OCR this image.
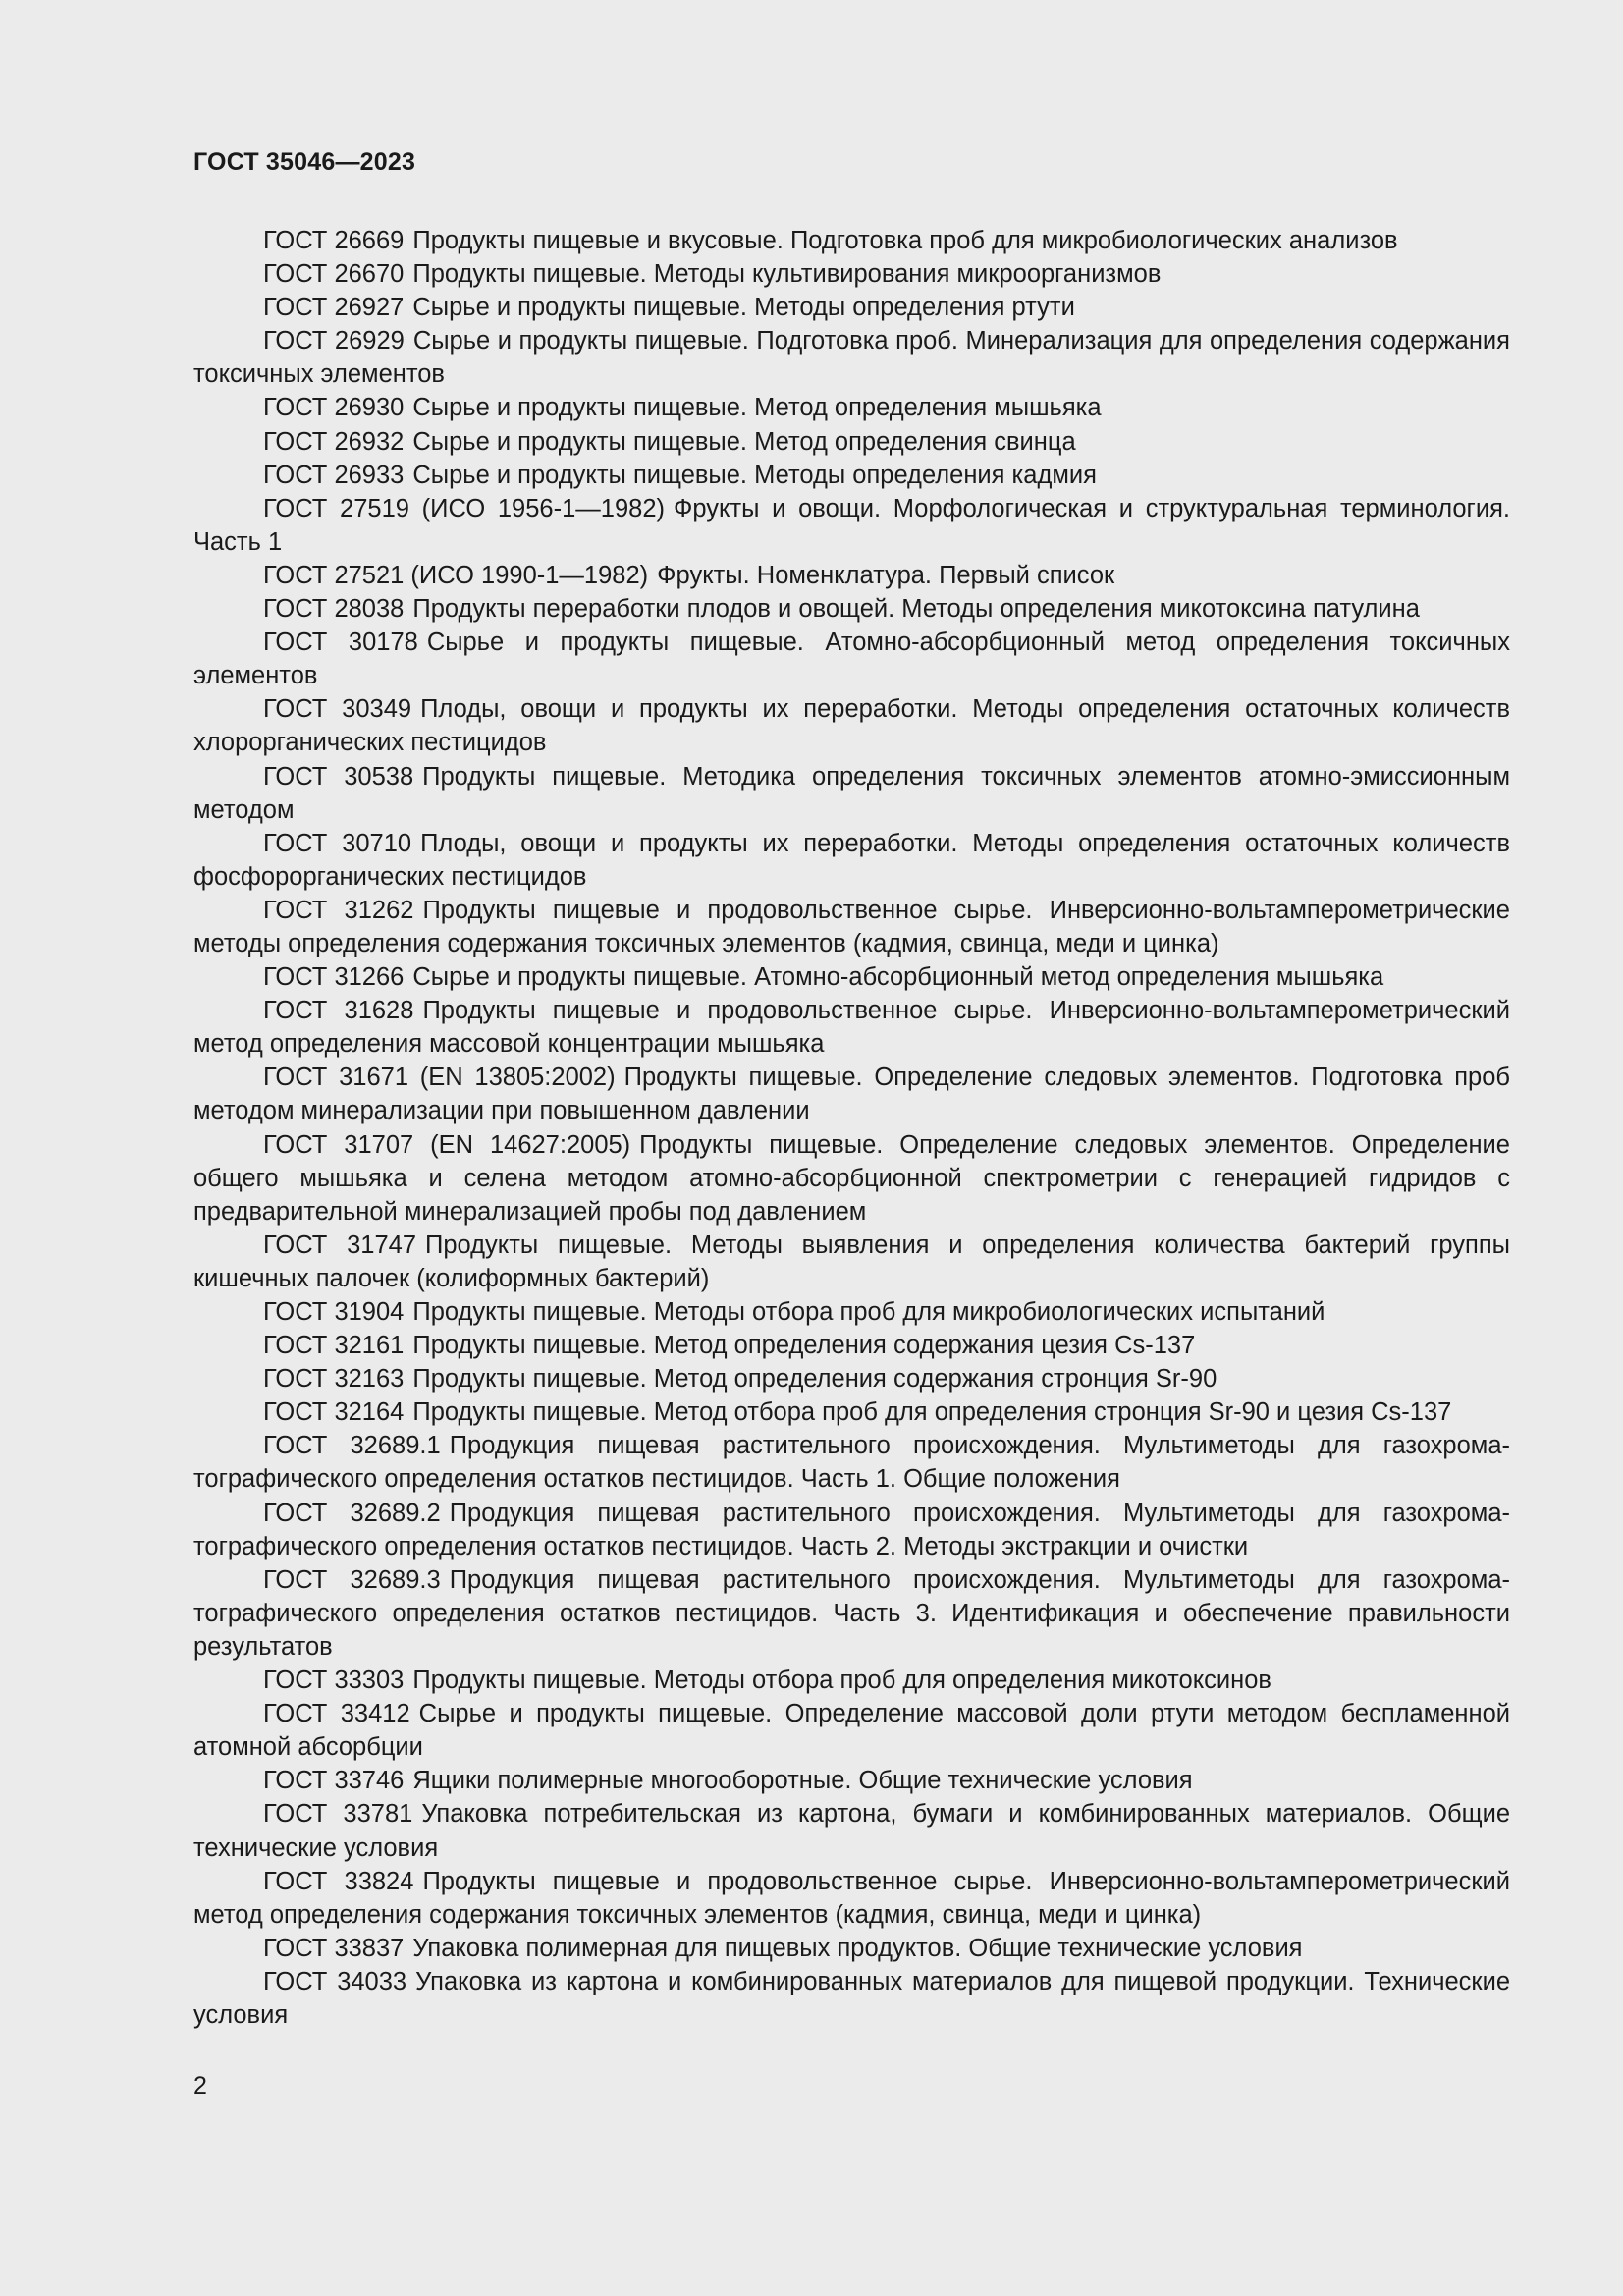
ГОСТ 35046—2023

ГОСТ 26669 Продукты пищевые и вкусовые. Подготовка проб для микробиологических анализов

ГОСТ 26670 Продукты пищевые. Методы культивирования микроорганизмов

ГОСТ 26927 Сырье и продукты пищевые. Методы определения ртути

ГОСТ 26929 Сырье и продукты пищевые. Подготовка проб. Минерализация для определения содержания токсичных элементов

ГОСТ 26930 Сырье и продукты пищевые. Метод определения мышьяка

ГОСТ 26932 Сырье и продукты пищевые. Метод определения свинца

ГОСТ 26933 Сырье и продукты пищевые. Методы определения кадмия

ГОСТ 27519 (ИСО 1956-1—1982) Фрукты и овощи. Морфологическая и структуральная терминология. Часть 1

ГОСТ 27521 (ИСО 1990-1—1982) Фрукты. Номенклатура. Первый список

ГОСТ 28038 Продукты переработки плодов и овощей. Методы определения микотоксина патулина

ГОСТ 30178 Сырье и продукты пищевые. Атомно-абсорбционный метод определения токсичных элементов

ГОСТ 30349 Плоды, овощи и продукты их переработки. Методы определения остаточных количеств хлорорганических пестицидов

ГОСТ 30538 Продукты пищевые. Методика определения токсичных элементов атомно-эмиссионным методом

ГОСТ 30710 Плоды, овощи и продукты их переработки. Методы определения остаточных количеств фосфорорганических пестицидов

ГОСТ 31262 Продукты пищевые и продовольственное сырье. Инверсионно-вольтамперометрические методы определения содержания токсичных элементов (кадмия, свинца, меди и цинка)

ГОСТ 31266 Сырье и продукты пищевые. Атомно-абсорбционный метод определения мышьяка

ГОСТ 31628 Продукты пищевые и продовольственное сырье. Инверсионно-вольтамперометрический метод определения массовой концентрации мышьяка

ГОСТ 31671 (EN 13805:2002) Продукты пищевые. Определение следовых элементов. Подготовка проб методом минерализации при повышенном давлении

ГОСТ 31707 (EN 14627:2005) Продукты пищевые. Определение следовых элементов. Определение общего мышьяка и селена методом атомно-абсорбционной спектрометрии с генерацией гидридов с предварительной минерализацией пробы под давлением

ГОСТ 31747 Продукты пищевые. Методы выявления и определения количества бактерий группы кишечных палочек (колиформных бактерий)

ГОСТ 31904 Продукты пищевые. Методы отбора проб для микробиологических испытаний

ГОСТ 32161 Продукты пищевые. Метод определения содержания цезия Cs-137

ГОСТ 32163 Продукты пищевые. Метод определения содержания стронция Sr-90

ГОСТ 32164 Продукты пищевые. Метод отбора проб для определения стронция Sr-90 и цезия Cs-137

ГОСТ 32689.1 Продукция пищевая растительного происхождения. Мультиметоды для газохроматографического определения остатков пестицидов. Часть 1. Общие положения

ГОСТ 32689.2 Продукция пищевая растительного происхождения. Мультиметоды для газохроматографического определения остатков пестицидов. Часть 2. Методы экстракции и очистки

ГОСТ 32689.3 Продукция пищевая растительного происхождения. Мультиметоды для газохроматографического определения остатков пестицидов. Часть 3. Идентификация и обеспечение правильности результатов

ГОСТ 33303 Продукты пищевые. Методы отбора проб для определения микотоксинов

ГОСТ 33412 Сырье и продукты пищевые. Определение массовой доли ртути методом беспламенной атомной абсорбции

ГОСТ 33746 Ящики полимерные многооборотные. Общие технические условия

ГОСТ 33781 Упаковка потребительская из картона, бумаги и комбинированных материалов. Общие технические условия

ГОСТ 33824 Продукты пищевые и продовольственное сырье. Инверсионно-вольтамперометрический метод определения содержания токсичных элементов (кадмия, свинца, меди и цинка)

ГОСТ 33837 Упаковка полимерная для пищевых продуктов. Общие технические условия

ГОСТ 34033 Упаковка из картона и комбинированных материалов для пищевой продукции. Технические условия

2
